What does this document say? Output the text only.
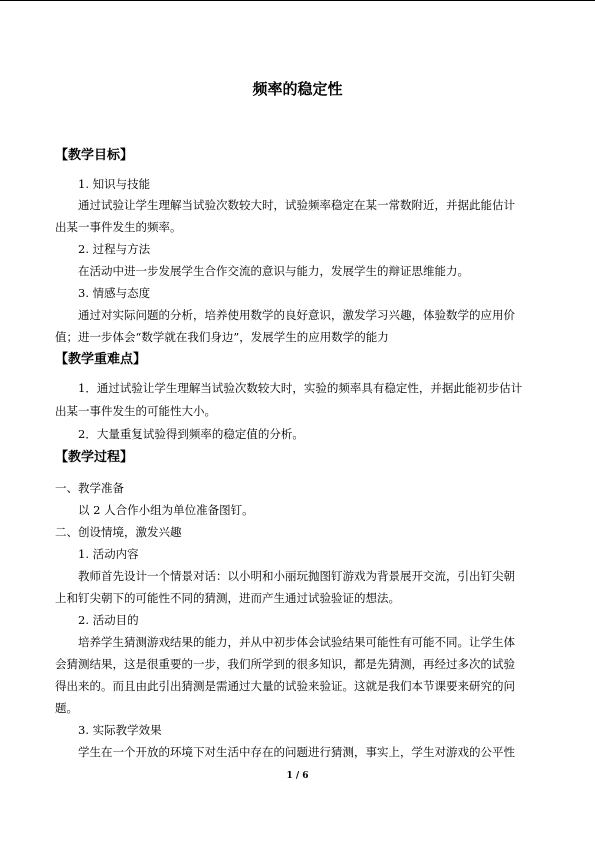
频率的稳定性
【教学目标】
1. 知识与技能
通过试验让学生理解当试验次数较大时，试验频率稳定在某一常数附近，并据此能估计
出某一事件发生的频率。
2. 过程与方法
在活动中进一步发展学生合作交流的意识与能力，发展学生的辩证思维能力。
3. 情感与态度
通过对实际问题的分析，培养使用数学的良好意识，激发学习兴趣，体验数学的应用价
值；进一步体会“数学就在我们身边”，发展学生的应用数学的能力
【教学重难点】
1．通过试验让学生理解当试验次数较大时，实验的频率具有稳定性，并据此能初步估计
出某一事件发生的可能性大小。
2．大量重复试验得到频率的稳定值的分析。
【教学过程】
一、教学准备
以 2 人合作小组为单位准备图钉。
二、创设情境，激发兴趣
1. 活动内容
教师首先设计一个情景对话：以小明和小丽玩抛图钉游戏为背景展开交流，引出钉尖朝
上和钉尖朝下的可能性不同的猜测，进而产生通过试验验证的想法。
2. 活动目的
培养学生猜测游戏结果的能力，并从中初步体会试验结果可能性有可能不同。让学生体
会猜测结果，这是很重要的一步，我们所学到的很多知识，都是先猜测，再经过多次的试验
得出来的。而且由此引出猜测是需通过大量的试验来验证。这就是我们本节课要来研究的问
题。
3. 实际教学效果
学生在一个开放的环境下对生活中存在的问题进行猜测，事实上，学生对游戏的公平性
1 / 6
